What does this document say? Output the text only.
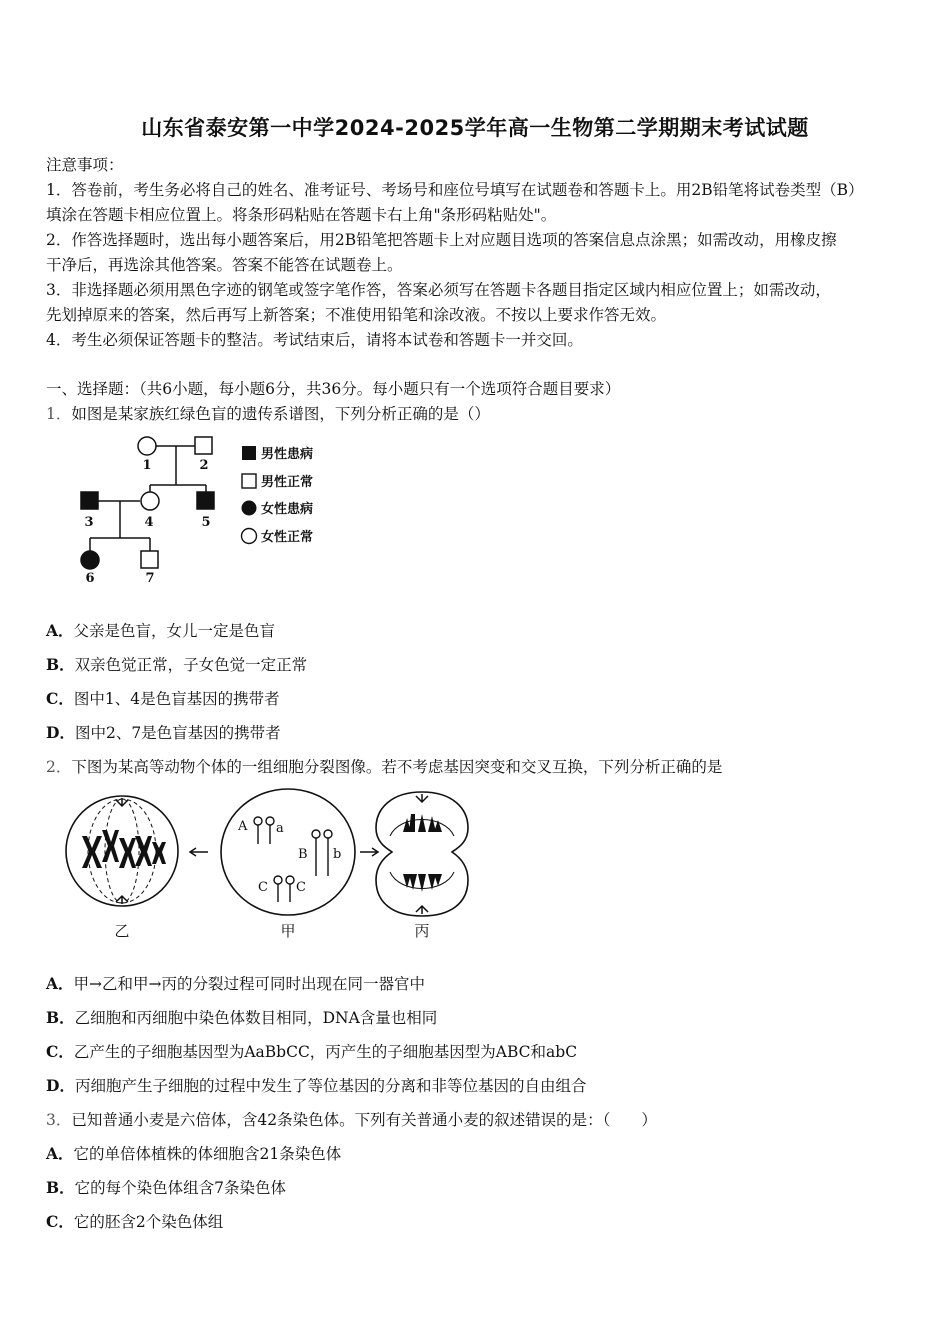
山东省泰安第一中学2024-2025学年高一生物第二学期期末考试试题
注意事项：
1．答卷前，考生务必将自己的姓名、准考证号、考场号和座位号填写在试题卷和答题卡上。用2B铅笔将试卷类型（B）
填涂在答题卡相应位置上。将条形码粘贴在答题卡右上角"条形码粘贴处"。
2．作答选择题时，选出每小题答案后，用2B铅笔把答题卡上对应题目选项的答案信息点涂黑；如需改动，用橡皮擦
干净后，再选涂其他答案。答案不能答在试题卷上。
3．非选择题必须用黑色字迹的钢笔或签字笔作答，答案必须写在答题卡各题目指定区域内相应位置上；如需改动，
先划掉原来的答案，然后再写上新答案；不准使用铅笔和涂改液。不按以上要求作答无效。
4．考生必须保证答题卡的整洁。考试结束后，请将本试卷和答题卡一并交回。
一、选择题：（共6小题，每小题6分，共36分。每小题只有一个选项符合题目要求）
1．如图是某家族红绿色盲的遗传系谱图，下列分析正确的是（）
1	2
3	4	5
6	7
男性患病
男性正常
女性患病
女性正常
A．父亲是色盲，女儿一定是色盲
B．双亲色觉正常，子女色觉一定正常
C．图中1、4是色盲基因的携带者
D．图中2、7是色盲基因的携带者
2．下图为某高等动物个体的一组细胞分裂图像。若不考虑基因突变和交叉互换，下列分析正确的是
A a
B b
C C
乙	甲	丙
A．甲→乙和甲→丙的分裂过程可同时出现在同一器官中
B．乙细胞和丙细胞中染色体数目相同，DNA含量也相同
C．乙产生的子细胞基因型为AaBbCC，丙产生的子细胞基因型为ABC和abC
D．丙细胞产生子细胞的过程中发生了等位基因的分离和非等位基因的自由组合
3．已知普通小麦是六倍体，含42条染色体。下列有关普通小麦的叙述错误的是：（　　）
A．它的单倍体植株的体细胞含21条染色体
B．它的每个染色体组含7条染色体
C．它的胚含2个染色体组
